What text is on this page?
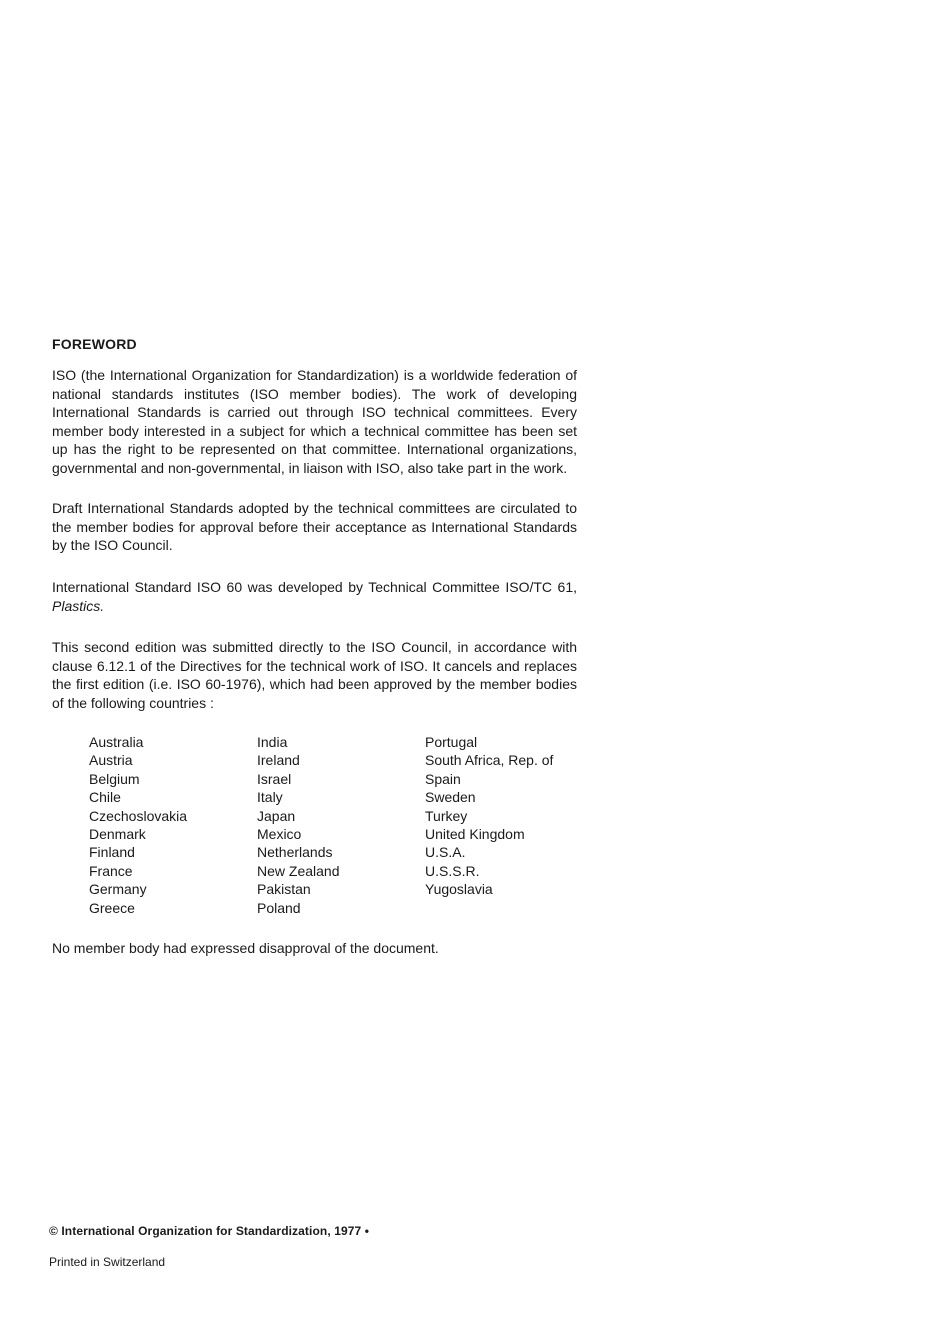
FOREWORD

ISO (the International Organization for Standardization) is a worldwide federation of national standards institutes (ISO member bodies). The work of developing International Standards is carried out through ISO technical committees. Every member body interested in a subject for which a technical committee has been set up has the right to be represented on that committee. International organizations, governmental and non-governmental, in liaison with ISO, also take part in the work.

Draft International Standards adopted by the technical committees are circulated to the member bodies for approval before their acceptance as International Standards by the ISO Council.

International Standard ISO 60 was developed by Technical Committee ISO/TC 61, Plastics.

This second edition was submitted directly to the ISO Council, in accordance with clause 6.12.1 of the Directives for the technical work of ISO. It cancels and replaces the first edition (i.e. ISO 60-1976), which had been approved by the member bodies of the following countries :

Australia
Austria
Belgium
Chile
Czechoslovakia
Denmark
Finland
France
Germany
Greece
India
Ireland
Israel
Italy
Japan
Mexico
Netherlands
New Zealand
Pakistan
Poland
Portugal
South Africa, Rep. of
Spain
Sweden
Turkey
United Kingdom
U.S.A.
U.S.S.R.
Yugoslavia

No member body had expressed disapproval of the document.

© International Organization for Standardization, 1977 •
Printed in Switzerland
